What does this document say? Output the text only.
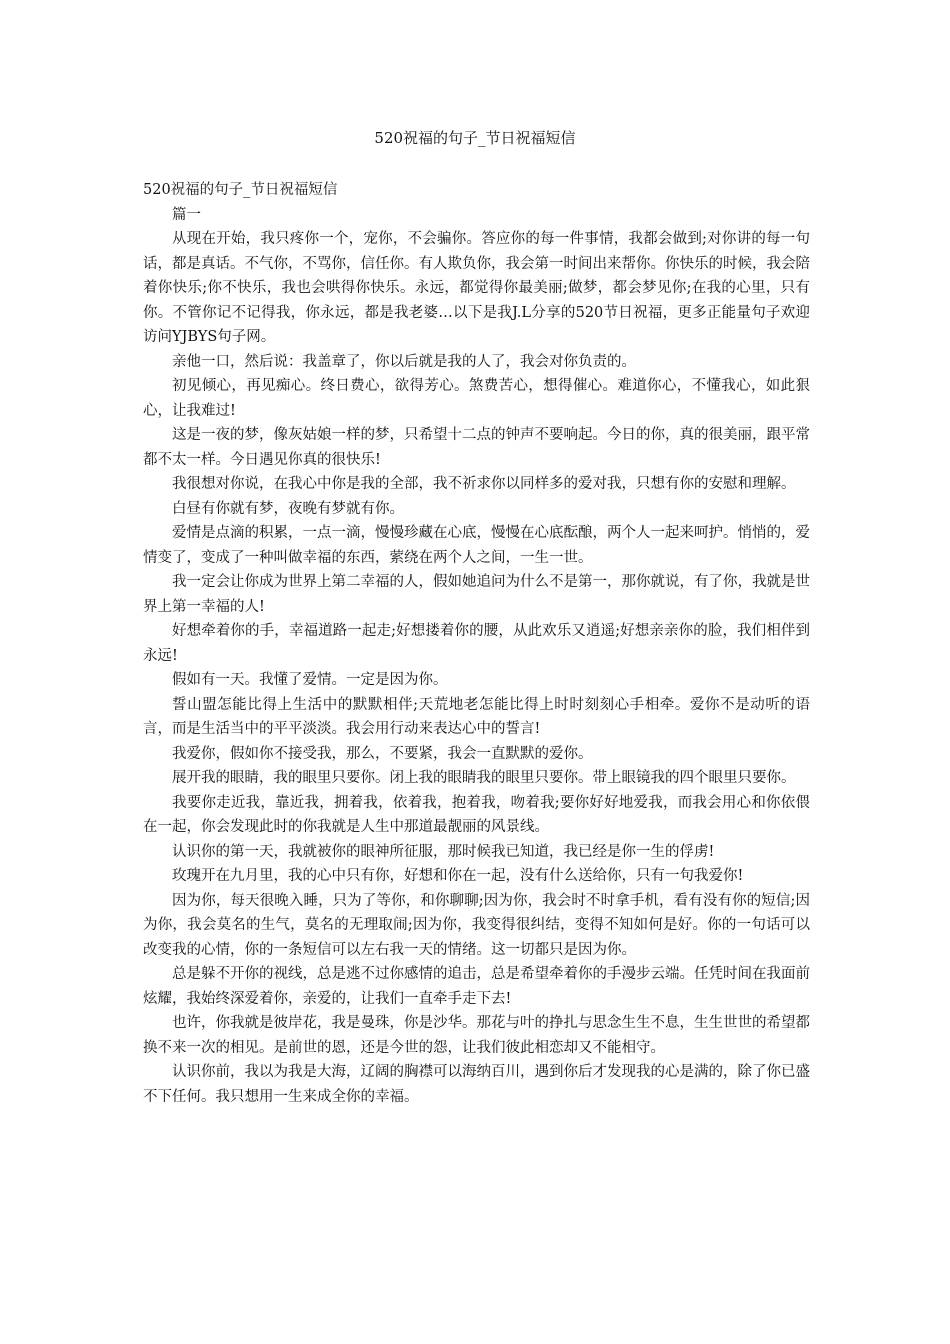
520祝福的句子_节日祝福短信

520祝福的句子_节日祝福短信

篇一

从现在开始，我只疼你一个，宠你，不会骗你。答应你的每一件事情，我都会做到;对你讲的每一句话，都是真话。不气你，不骂你，信任你。有人欺负你，我会第一时间出来帮你。你快乐的时候，我会陪着你快乐;你不快乐，我也会哄得你快乐。永远，都觉得你最美丽;做梦，都会梦见你;在我的心里，只有你。不管你记不记得我，你永远，都是我老婆…以下是我J.L分享的520节日祝福，更多正能量句子欢迎访问YJBYS句子网。

亲他一口，然后说：我盖章了，你以后就是我的人了，我会对你负责的。

初见倾心，再见痴心。终日费心，欲得芳心。煞费苦心，想得催心。难道你心，不懂我心，如此狠心，让我难过!

这是一夜的梦，像灰姑娘一样的梦，只希望十二点的钟声不要响起。今日的你，真的很美丽，跟平常都不太一样。今日遇见你真的很快乐!

我很想对你说，在我心中你是我的全部，我不祈求你以同样多的爱对我，只想有你的安慰和理解。

白昼有你就有梦，夜晚有梦就有你。

爱情是点滴的积累，一点一滴，慢慢珍藏在心底，慢慢在心底酝酿，两个人一起来呵护。悄悄的，爱情变了，变成了一种叫做幸福的东西，萦绕在两个人之间，一生一世。

我一定会让你成为世界上第二幸福的人，假如她追问为什么不是第一，那你就说，有了你，我就是世界上第一幸福的人!

好想牵着你的手，幸福道路一起走;好想搂着你的腰，从此欢乐又逍遥;好想亲亲你的脸，我们相伴到永远!

假如有一天。我懂了爱情。一定是因为你。

誓山盟怎能比得上生活中的默默相伴;天荒地老怎能比得上时时刻刻心手相牵。爱你不是动听的语言，而是生活当中的平平淡淡。我会用行动来表达心中的誓言!

我爱你，假如你不接受我，那么，不要紧，我会一直默默的爱你。

展开我的眼睛，我的眼里只要你。闭上我的眼睛我的眼里只要你。带上眼镜我的四个眼里只要你。

我要你走近我，靠近我，拥着我，依着我，抱着我，吻着我;要你好好地爱我，而我会用心和你依偎在一起，你会发现此时的你我就是人生中那道最靓丽的风景线。

认识你的第一天，我就被你的眼神所征服，那时候我已知道，我已经是你一生的俘虏!

玫瑰开在九月里，我的心中只有你，好想和你在一起，没有什么送给你，只有一句我爱你!

因为你，每天很晚入睡，只为了等你，和你聊聊;因为你，我会时不时拿手机，看有没有你的短信;因为你，我会莫名的生气，莫名的无理取闹;因为你，我变得很纠结，变得不知如何是好。你的一句话可以改变我的心情，你的一条短信可以左右我一天的情绪。这一切都只是因为你。

总是躲不开你的视线，总是逃不过你感情的追击，总是希望牵着你的手漫步云端。任凭时间在我面前炫耀，我始终深爱着你，亲爱的，让我们一直牵手走下去!

也许，你我就是彼岸花，我是曼珠，你是沙华。那花与叶的挣扎与思念生生不息，生生世世的希望都换不来一次的相见。是前世的恩，还是今世的怨，让我们彼此相恋却又不能相守。

认识你前，我以为我是大海，辽阔的胸襟可以海纳百川，遇到你后才发现我的心是满的，除了你已盛不下任何。我只想用一生来成全你的幸福。
